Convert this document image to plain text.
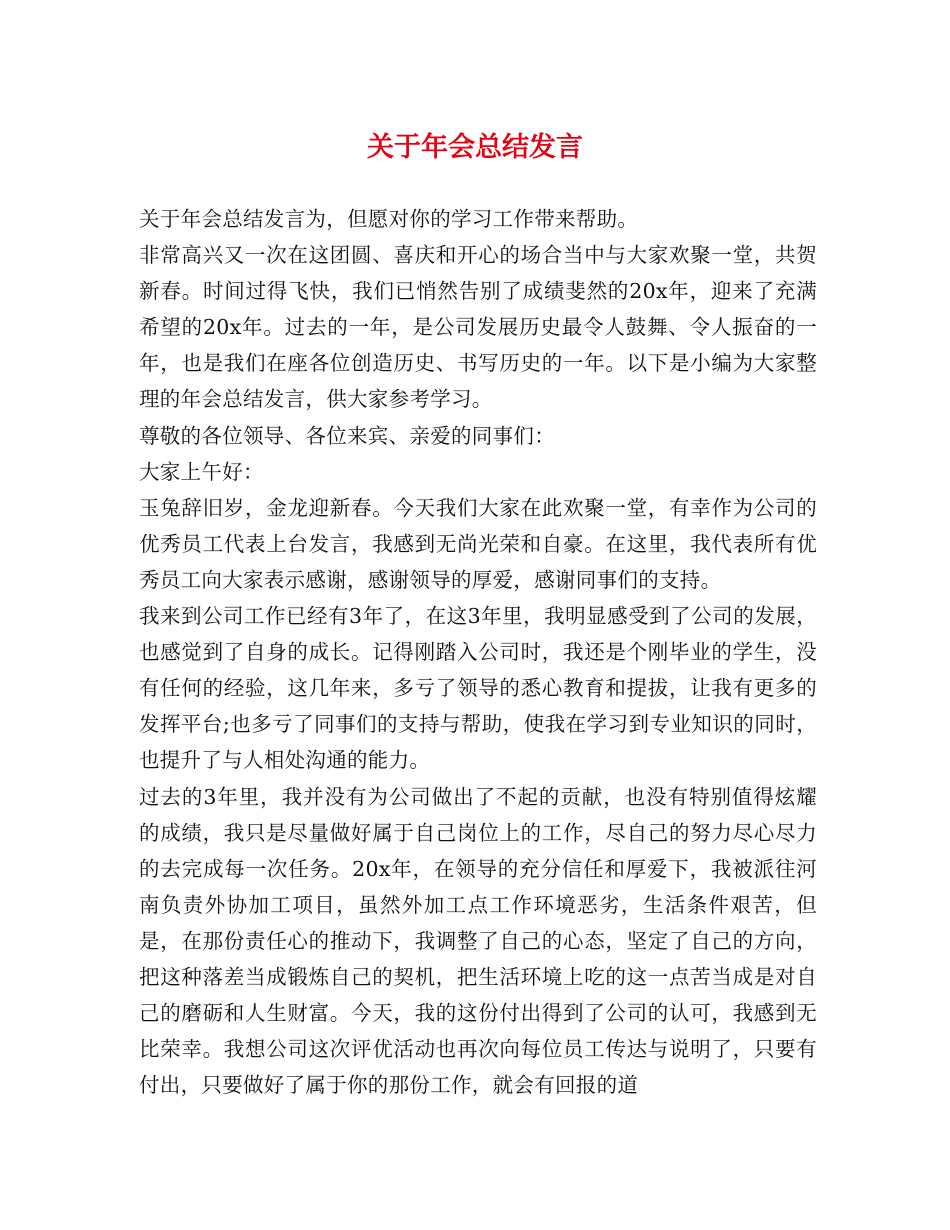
关于年会总结发言

关于年会总结发言为，但愿对你的学习工作带来帮助。

非常高兴又一次在这团圆、喜庆和开心的场合当中与大家欢聚一堂，共贺新春。时间过得飞快，我们已悄然告别了成绩斐然的20x年，迎来了充满希望的20x年。过去的一年，是公司发展历史最令人鼓舞、令人振奋的一年，也是我们在座各位创造历史、书写历史的一年。以下是小编为大家整理的年会总结发言，供大家参考学习。

尊敬的各位领导、各位来宾、亲爱的同事们：

大家上午好：

玉兔辞旧岁，金龙迎新春。今天我们大家在此欢聚一堂，有幸作为公司的优秀员工代表上台发言，我感到无尚光荣和自豪。在这里，我代表所有优秀员工向大家表示感谢，感谢领导的厚爱，感谢同事们的支持。

我来到公司工作已经有3年了，在这3年里，我明显感受到了公司的发展，也感觉到了自身的成长。记得刚踏入公司时，我还是个刚毕业的学生，没有任何的经验，这几年来，多亏了领导的悉心教育和提拔，让我有更多的发挥平台;也多亏了同事们的支持与帮助，使我在学习到专业知识的同时，也提升了与人相处沟通的能力。

过去的3年里，我并没有为公司做出了不起的贡献，也没有特别值得炫耀的成绩，我只是尽量做好属于自己岗位上的工作，尽自己的努力尽心尽力的去完成每一次任务。20x年，在领导的充分信任和厚爱下，我被派往河南负责外协加工项目，虽然外加工点工作环境恶劣，生活条件艰苦，但是，在那份责任心的推动下，我调整了自己的心态，坚定了自己的方向，把这种落差当成锻炼自己的契机，把生活环境上吃的这一点苦当成是对自己的磨砺和人生财富。今天，我的这份付出得到了公司的认可，我感到无比荣幸。我想公司这次评优活动也再次向每位员工传达与说明了，只要有付出，只要做好了属于你的那份工作，就会有回报的道
